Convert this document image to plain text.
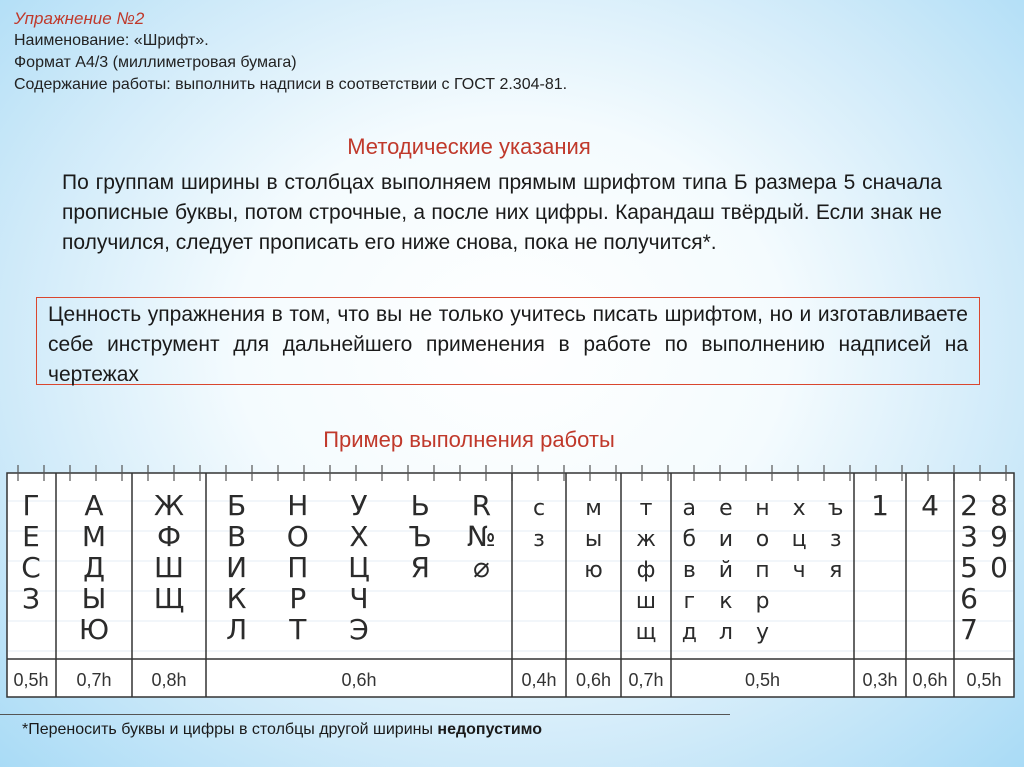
Упражнение №2
Наименование: «Шрифт».
Формат А4/3 (миллиметровая бумага)
Содержание работы: выполнить надписи в соответствии с ГОСТ 2.304-81.
Методические указания
По группам ширины в столбцах выполняем прямым шрифтом типа Б размера 5 сначала прописные буквы, потом строчные, а после них цифры. Карандаш твёрдый. Если знак не получился, следует прописать его ниже снова, пока не получится*.
Ценность упражнения в том, что вы не только учитесь писать шрифтом, но и изготавливаете себе инструмент для дальнейшего применения в работе по выполнению надписей на чертежах
Пример выполнения работы
0,5h
Г
Е
С
З
0,7h
А
М
Д
Ы
Ю
0,8h
Ж
Ф
Ш
Щ
0,6h
Б
В
И
К
Л
Н
О
П
Р
Т
У
Х
Ц
Ч
Э
Ь
Ъ
Я
R
№
⌀
0,4h
с
з
0,6h
м
ы
ю
0,7h
т
ж
ф
ш
щ
0,5h
а
б
в
г
д
е
и
й
к
л
н
о
п
р
у
х
ц
ч
ъ
з
я
0,3h
1
0,6h
4
0,5h
2
3
5
6
7
8
9
0
*Переносить буквы и цифры в столбцы другой ширины недопустимо
